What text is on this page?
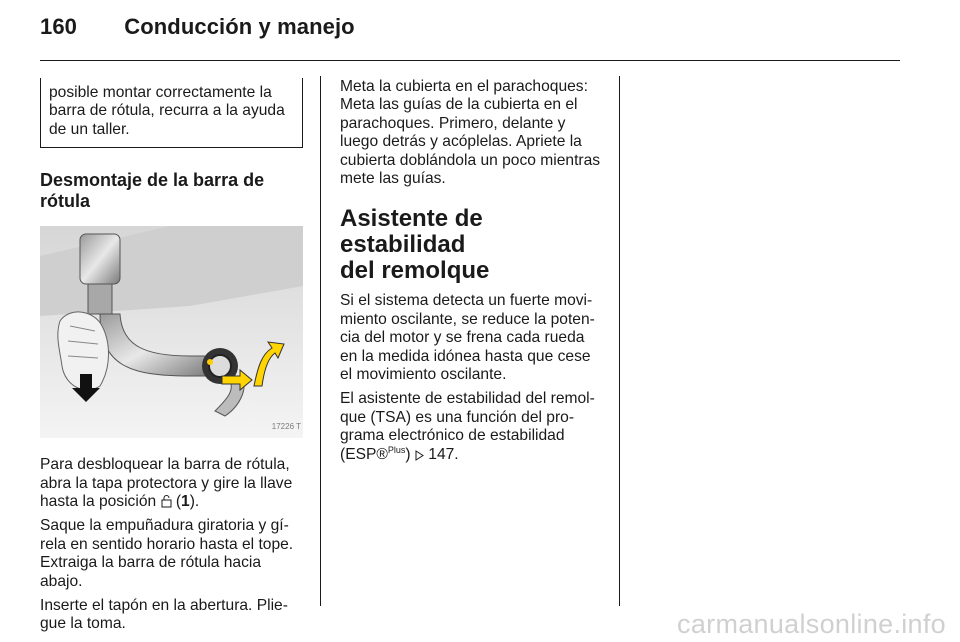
160 Conducción y manejo
posible montar correctamente la
barra de rótula, recurra a la ayuda
de un taller.
Desmontaje de la barra de
rótula
17226 T

Para desbloquear la barra de rótula, abra la tapa protectora y gire la llave hasta la posición  (1).

Saque la empuñadura giratoria y gí- rela en sentido horario hasta el tope. Extraiga la barra de rótula hacia abajo.

Inserte el tapón en la abertura. Plie- gue la toma.

Meta la cubierta en el parachoques: Meta las guías de la cubierta en el parachoques. Primero, delante y luego detrás y acóplelas. Apriete la cubierta doblándola un poco mientras mete las guías.

Asistente de estabilidad
del remolque

Si el sistema detecta un fuerte movi- miento oscilante, se reduce la poten- cia del motor y se frena cada rueda en la medida idónea hasta que cese el movimiento oscilante.

El asistente de estabilidad del remol- que (TSA) es una función del pro- grama electrónico de estabilidad (ESP®$^{Plus}$)  147.

carmanualsonline.info
